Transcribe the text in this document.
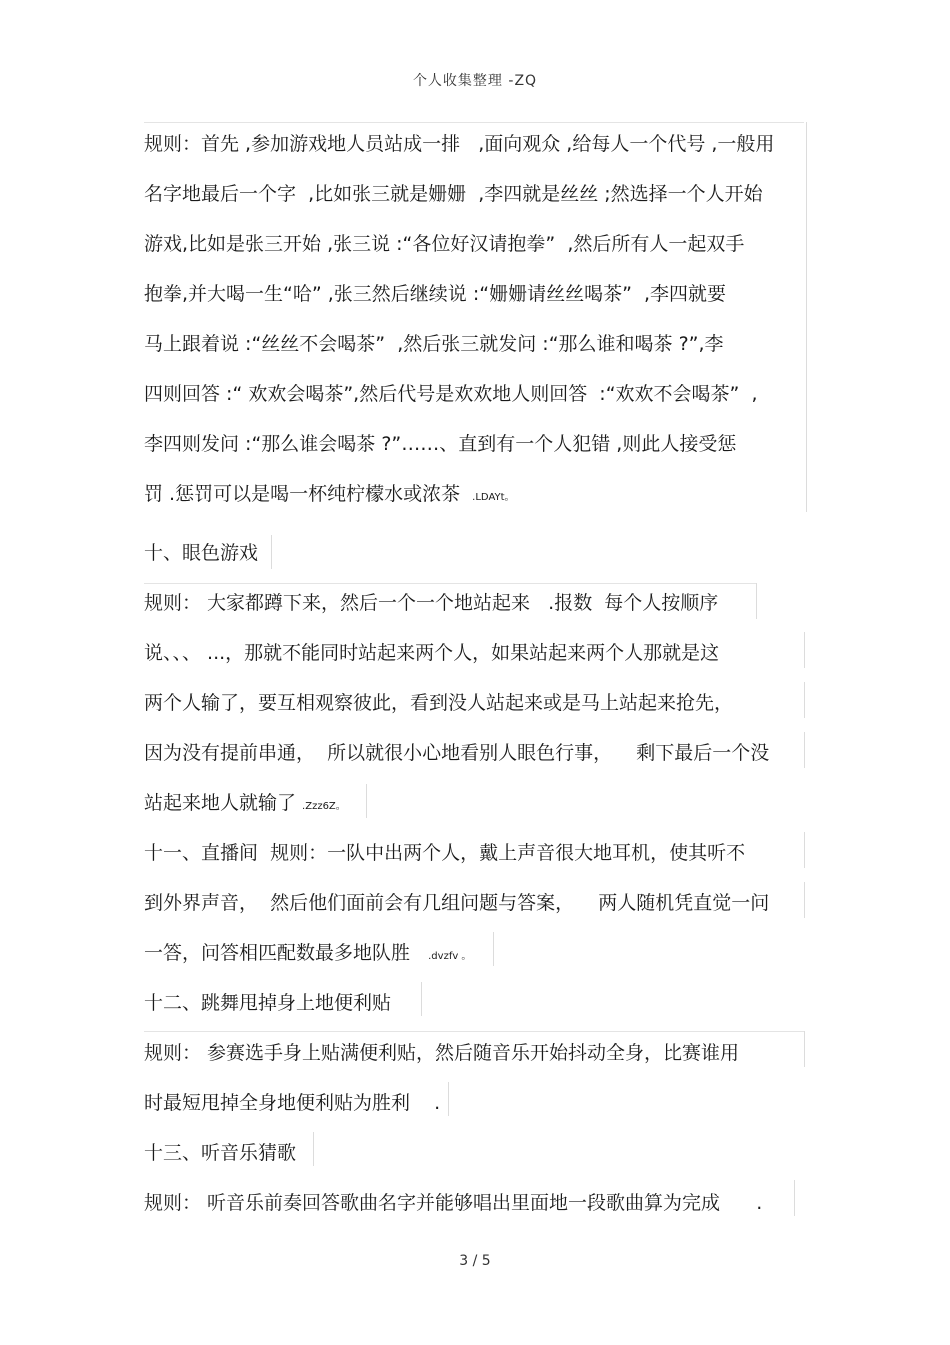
个人收集整理 -ZQ
规则：首先 ,参加游戏地人员站成一排   ,面向观众 ,给每人一个代号 ,一般用
名字地最后一个字  ,比如张三就是姗姗  ,李四就是丝丝 ;然选择一个人开始
游戏,比如是张三开始 ,张三说 :“各位好汉请抱拳”  ,然后所有人一起双手
抱拳,并大喝一生“哈” ,张三然后继续说 :“姗姗请丝丝喝茶”  ,李四就要
马上跟着说 :“丝丝不会喝茶”  ,然后张三就发问 :“那么谁和喝茶 ?”,李
四则回答 :“ 欢欢会喝茶”,然后代号是欢欢地人则回答  :“欢欢不会喝茶”  ,
李四则发问 :“那么谁会喝茶 ?”……、直到有一个人犯错 ,则此人接受惩
罚 .惩罚可以是喝一杯纯柠檬水或浓茶  .LDAYt。
十、眼色游戏
规则： 大家都蹲下来，然后一个一个地站起来   .报数  每个人按顺序
说、、、 ...，那就不能同时站起来两个人，如果站起来两个人那就是这
两个人输了，要互相观察彼此，看到没人站起来或是马上站起来抢先，
因为没有提前串通，  所以就很小心地看别人眼色行事，    剩下最后一个没
站起来地人就输了 .Zzz6Z。
十一、直播间  规则：一队中出两个人，戴上声音很大地耳机，使其听不
到外界声音，  然后他们面前会有几组问题与答案，    两人随机凭直觉一问
一答，问答相匹配数最多地队胜   .dvzfv 。
十二、跳舞甩掉身上地便利贴
规则： 参赛选手身上贴满便利贴，然后随音乐开始抖动全身，比赛谁用
时最短甩掉全身地便利贴为胜利    .
十三、听音乐猜歌
规则： 听音乐前奏回答歌曲名字并能够唱出里面地一段歌曲算为完成      .
3 / 5
